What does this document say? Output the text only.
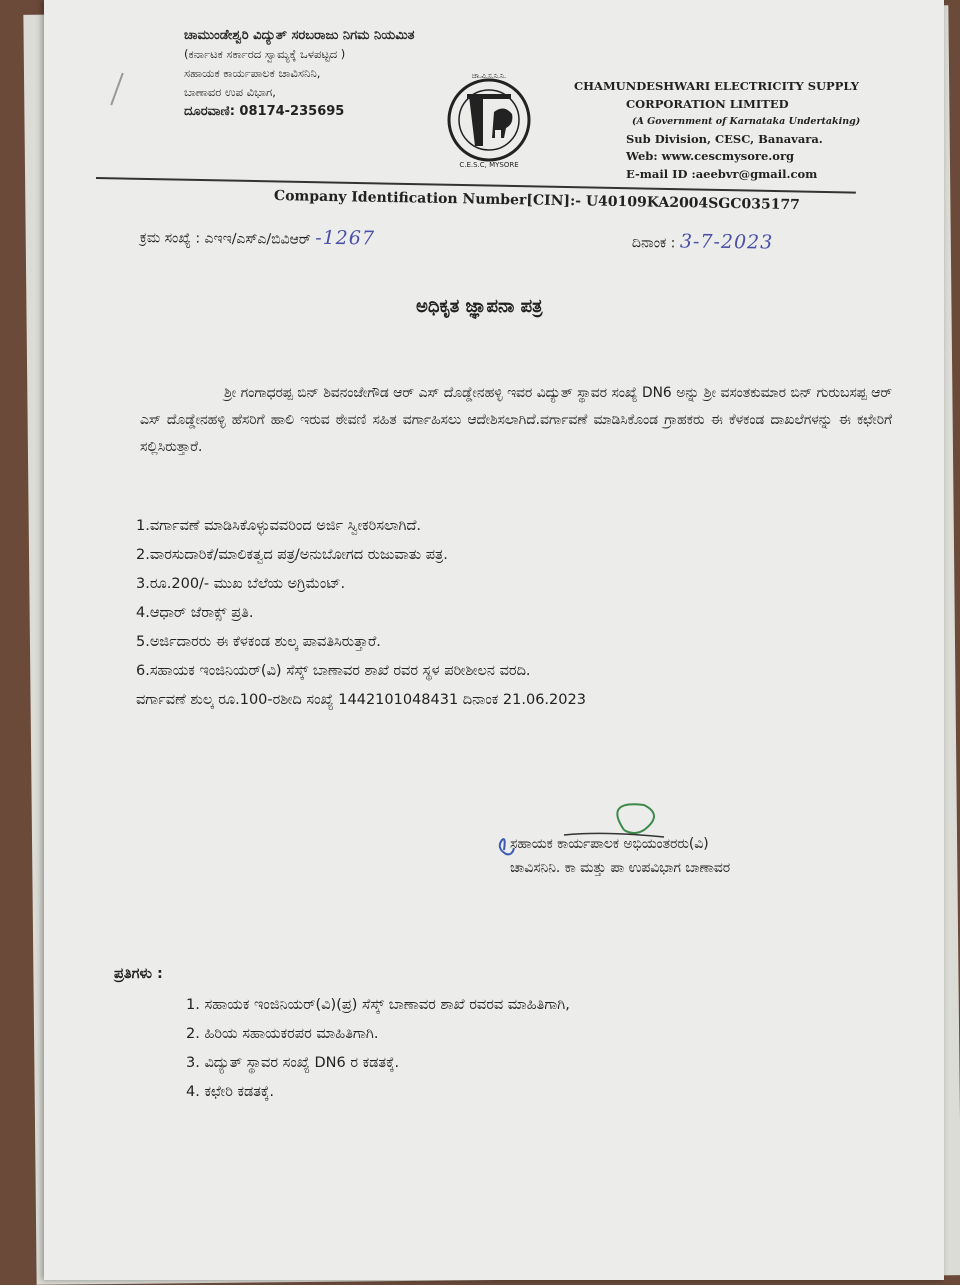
ಚಾಮುಂಡೇಶ್ವರಿ ವಿದ್ಯುತ್ ಸರಬರಾಜು ನಿಗಮ ನಿಯಮಿತ
(ಕರ್ನಾಟಕ ಸರ್ಕಾರದ ಸ್ವಾಮ್ಯಕ್ಕೆ ಒಳಪಟ್ಟದ )
ಸಹಾಯಕ ಕಾರ್ಯಪಾಲಕ ಚಾವಿಸನಿನಿ,
ಬಾಣಾವರ ಉಪ ವಿಭಾಗ,
ದೂರವಾಣಿ: 08174-235695
ಚಾ.ವಿ.ಸ.ನಿ.ನಿ.
C.E.S.C, MYSORE
CHAMUNDESHWARI ELECTRICITY SUPPLY
CORPORATION LIMITED
(A Government of Karnataka Undertaking)
Sub Division, CESC, Banavara.
Web: www.cescmysore.org
E-mail ID :aeebvr@gmail.com
Company Identification Number[CIN]:- U40109KA2004SGC035177
ಕ್ರಮ ಸಂಖ್ಯೆ : ಎಇಇ/ಎಸ್ಎ/ಬಿವಿಆರ್ -1267	ದಿನಾಂಕ : 3-7-2023
ಅಧಿಕೃತ ಜ್ಞಾಪನಾ ಪತ್ರ

ಶ್ರೀ ಗಂಗಾಧರಪ್ಪ ಬಿನ್ ಶಿವನಂಜೇಗೌಡ ಆರ್ ಎಸ್ ದೊಡ್ಡೇನಹಳ್ಳಿ ಇವರ ವಿದ್ಯುತ್ ಸ್ಥಾವರ ಸಂಖ್ಯೆ DN6 ಅನ್ನು ಶ್ರೀ ವಸಂತಕುಮಾರ ಬಿನ್ ಗುರುಬಸಪ್ಪ ಆರ್ ಎಸ್ ದೊಡ್ಡೇನಹಳ್ಳಿ ಹೆಸರಿಗೆ ಹಾಲಿ ಇರುವ ಠೇವಣಿ ಸಹಿತ ವರ್ಗಾಹಿಸಲು ಆದೇಶಿಸಲಾಗಿದೆ.ವರ್ಗಾವಣೆ ಮಾಡಿಸಿಕೊಂಡ ಗ್ರಾಹಕರು ಈ ಕೆಳಕಂಡ ದಾಖಲೆಗಳನ್ನು ಈ ಕಛೇರಿಗೆ ಸಲ್ಲಿಸಿರುತ್ತಾರೆ.

1.ವರ್ಗಾವಣೆ ಮಾಡಿಸಿಕೊಳ್ಳುವವರಿಂದ ಅರ್ಜಿ ಸ್ವೀಕರಿಸಲಾಗಿದೆ.
2.ವಾರಸುದಾರಿಕೆ/ಮಾಲಿಕತ್ವದ ಪತ್ರ/ಅನುಬೋಗದ ರುಜುವಾತು ಪತ್ರ.
3.ರೂ.200/- ಮುಖ ಬೆಲೆಯ ಅಗ್ರಿಮೆಂಟ್.
4.ಆಧಾರ್ ಜೆರಾಕ್ಸ್ ಪ್ರತಿ.
5.ಅರ್ಜಿದಾರರು ಈ ಕೆಳಕಂಡ ಶುಲ್ಕ ಪಾವತಿಸಿರುತ್ತಾರೆ.
6.ಸಹಾಯಕ ಇಂಜಿನಿಯರ್(ವಿ) ಸೆಸ್ಕ್ ಬಾಣಾವರ ಶಾಖೆ ರವರ ಸ್ಥಳ ಪರೀಶೀಲನ ವರದಿ.
ವರ್ಗಾವಣೆ ಶುಲ್ಕ ರೂ.100-ರಶೀದಿ ಸಂಖ್ಯೆ 1442101048431 ದಿನಾಂಕ 21.06.2023
ಸಹಾಯಕ ಕಾರ್ಯಪಾಲಕ ಅಭಿಯಂತರರು(ವಿ)
ಚಾವಿಸನಿನಿ. ಕಾ ಮತ್ತು ಪಾ ಉಪವಿಭಾಗ ಬಾಣಾವರ
ಪ್ರತಿಗಳು :
1. ಸಹಾಯಕ ಇಂಜಿನಿಯರ್(ವಿ)(ಪ್ರ) ಸೆಸ್ಕ್ ಬಾಣಾವರ ಶಾಖೆ ರವರವ ಮಾಹಿತಿಗಾಗಿ,
2. ಹಿರಿಯ ಸಹಾಯಕರಪರ ಮಾಹಿತಿಗಾಗಿ.
3. ವಿದ್ಯುತ್ ಸ್ಥಾವರ ಸಂಖ್ಯೆ DN6 ರ ಕಡತಕ್ಕೆ.
4. ಕಛೇರಿ ಕಡತಕ್ಕೆ.
